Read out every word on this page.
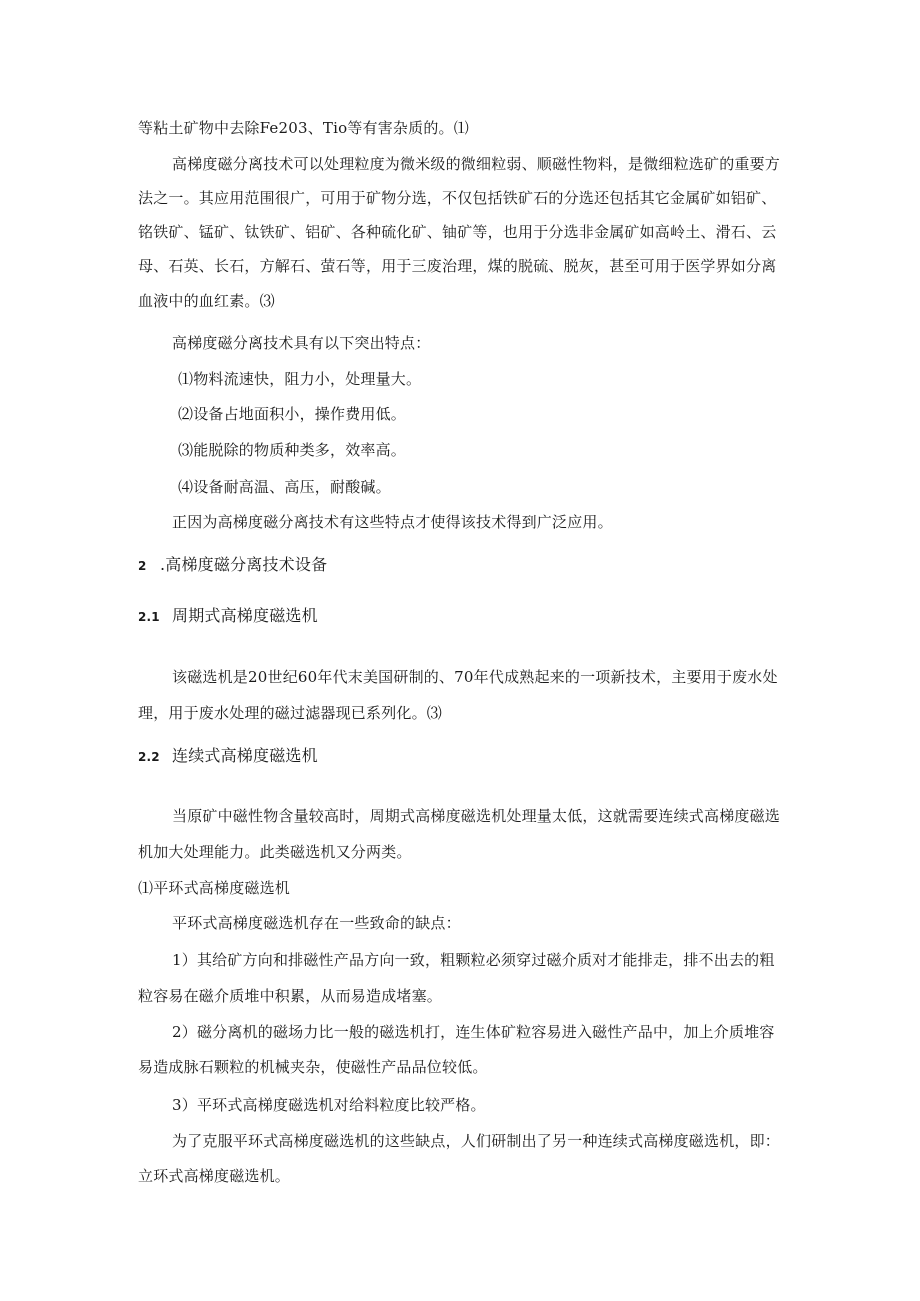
等粘土矿物中去除Fe203、Tio等有害杂质的。⑴
高梯度磁分离技术可以处理粒度为微米级的微细粒弱、顺磁性物料，是微细粒选矿的重要方
法之一。其应用范围很广，可用于矿物分选，不仅包括铁矿石的分选还包括其它金属矿如铝矿、
铭铁矿、锰矿、钛铁矿、铝矿、各种硫化矿、铀矿等，也用于分选非金属矿如高岭土、滑石、云
母、石英、长石，方解石、萤石等，用于三废治理，煤的脱硫、脱灰，甚至可用于医学界如分离
血液中的血红素。⑶
高梯度磁分离技术具有以下突出特点：
⑴物料流速快，阻力小，处理量大。
⑵设备占地面积小，操作费用低。
⑶能脱除的物质种类多，效率高。
⑷设备耐高温、高压，耐酸碱。
正因为高梯度磁分离技术有这些特点才使得该技术得到广泛应用。
2 .高梯度磁分离技术设备
2.1 周期式高梯度磁选机
该磁选机是20世纪60年代末美国研制的、70年代成熟起来的一项新技术，主要用于废水处
理，用于废水处理的磁过滤器现已系列化。⑶
2.2 连续式高梯度磁选机
当原矿中磁性物含量较高时，周期式高梯度磁选机处理量太低，这就需要连续式高梯度磁选
机加大处理能力。此类磁选机又分两类。
⑴平环式高梯度磁选机
平环式高梯度磁选机存在一些致命的缺点：
1）其给矿方向和排磁性产品方向一致，粗颗粒必须穿过磁介质对才能排走，排不出去的粗
粒容易在磁介质堆中积累，从而易造成堵塞。
2）磁分离机的磁场力比一般的磁选机打，连生体矿粒容易进入磁性产品中，加上介质堆容
易造成脉石颗粒的机械夹杂，使磁性产品品位较低。
3）平环式高梯度磁选机对给料粒度比较严格。
为了克服平环式高梯度磁选机的这些缺点，人们研制出了另一种连续式高梯度磁选机，即：
立环式高梯度磁选机。
